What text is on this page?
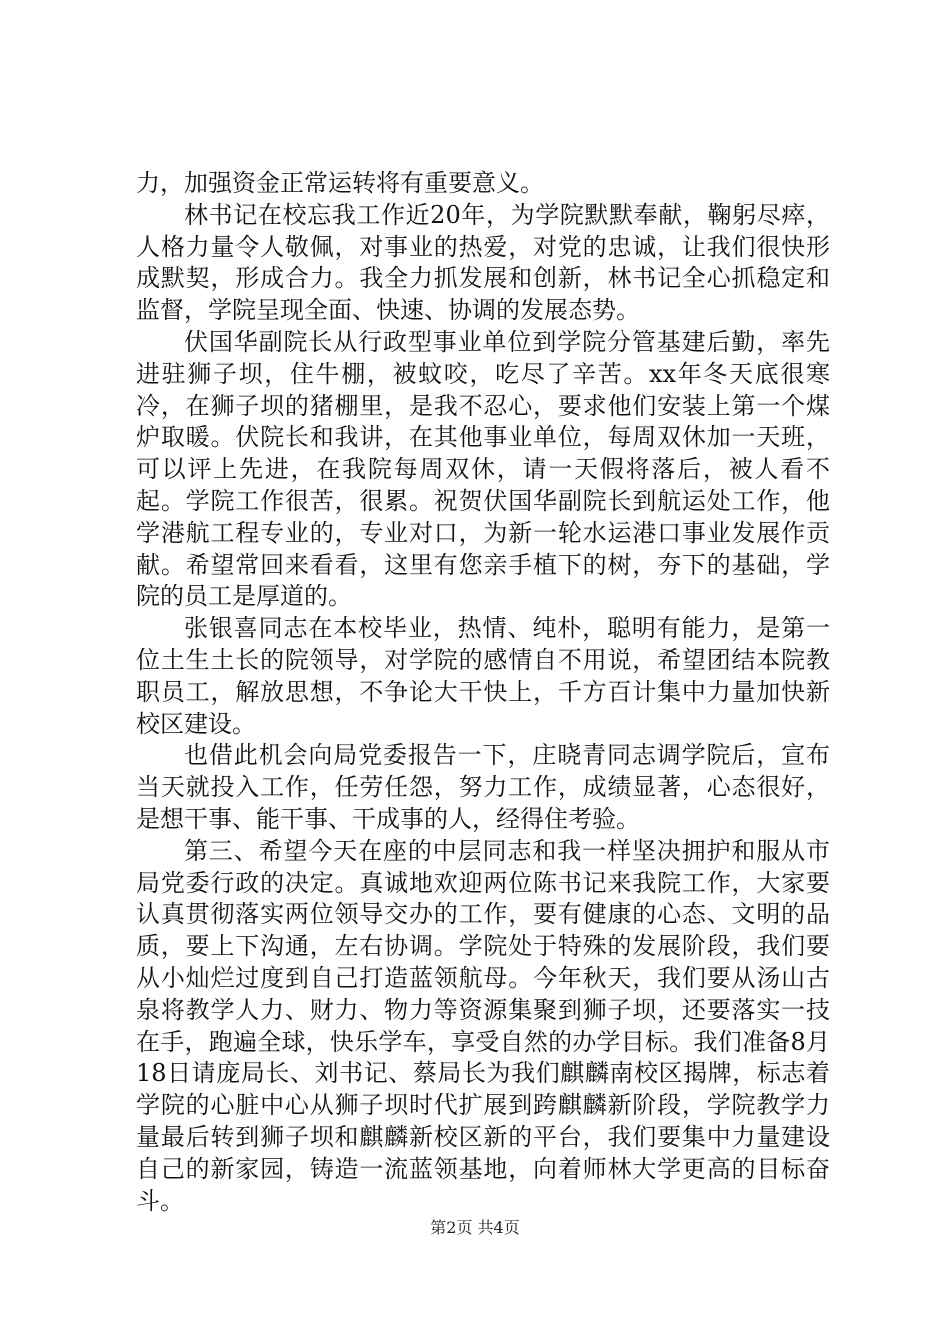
力，加强资金正常运转将有重要意义。

林书记在校忘我工作近20年，为学院默默奉献，鞠躬尽瘁，人格力量令人敬佩，对事业的热爱，对党的忠诚，让我们很快形成默契，形成合力。我全力抓发展和创新，林书记全心抓稳定和监督，学院呈现全面、快速、协调的发展态势。

伏国华副院长从行政型事业单位到学院分管基建后勤，率先进驻狮子坝，住牛棚，被蚊咬，吃尽了辛苦。xx年冬天底很寒冷，在狮子坝的猪棚里，是我不忍心，要求他们安装上第一个煤炉取暖。伏院长和我讲，在其他事业单位，每周双休加一天班，可以评上先进，在我院每周双休，请一天假将落后，被人看不起。学院工作很苦，很累。祝贺伏国华副院长到航运处工作，他学港航工程专业的，专业对口，为新一轮水运港口事业发展作贡献。希望常回来看看，这里有您亲手植下的树，夯下的基础，学院的员工是厚道的。

张银喜同志在本校毕业，热情、纯朴，聪明有能力，是第一位土生土长的院领导，对学院的感情自不用说，希望团结本院教职员工，解放思想，不争论大干快上，千方百计集中力量加快新校区建设。

也借此机会向局党委报告一下，庄晓青同志调学院后，宣布当天就投入工作，任劳任怨，努力工作，成绩显著，心态很好，是想干事、能干事、干成事的人，经得住考验。

第三、希望今天在座的中层同志和我一样坚决拥护和服从市局党委行政的决定。真诚地欢迎两位陈书记来我院工作，大家要认真贯彻落实两位领导交办的工作，要有健康的心态、文明的品质，要上下沟通，左右协调。学院处于特殊的发展阶段，我们要从小灿烂过度到自己打造蓝领航母。今年秋天，我们要从汤山古泉将教学人力、财力、物力等资源集聚到狮子坝，还要落实一技在手，跑遍全球，快乐学车，享受自然的办学目标。我们准备8月18日请庞局长、刘书记、蔡局长为我们麒麟南校区揭牌，标志着学院的心脏中心从狮子坝时代扩展到跨麒麟新阶段，学院教学力量最后转到狮子坝和麒麟新校区新的平台，我们要集中力量建设自己的新家园，铸造一流蓝领基地，向着师林大学更高的目标奋斗。

第2页 共4页
